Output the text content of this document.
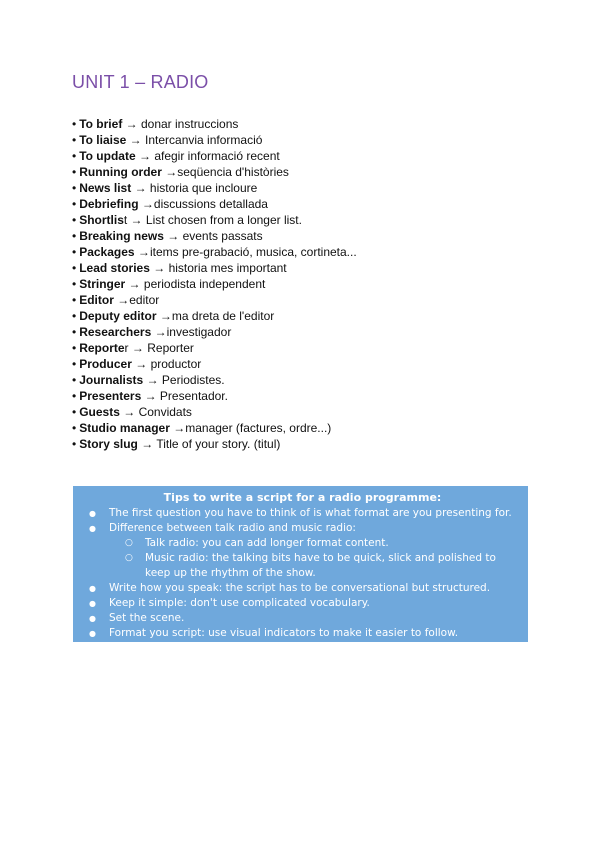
UNIT 1 – RADIO
• To brief → donar instruccions
• To liaise → Intercanvia informació
• To update → afegir informació recent
• Running order →seqüencia d'històries
• News list → historia que incloure
• Debriefing →discussions detallada
• Shortlist → List chosen from a longer list.
• Breaking news → events passats
• Packages →items pre-grabació, musica, cortineta...
• Lead stories → historia mes important
• Stringer → periodista independent
• Editor →editor
• Deputy editor →ma dreta de l'editor
• Researchers →investigador
• Reporter → Reporter
• Producer → productor
• Journalists → Periodistes.
• Presenters → Presentador.
• Guests → Convidats
• Studio manager →manager (factures, ordre...)
• Story slug → Title of your story. (titul)
Tips to write a script for a radio programme:
● The first question you have to think of is what format are you presenting for.
● Difference between talk radio and music radio:
○ Talk radio: you can add longer format content.
○ Music radio: the talking bits have to be quick, slick and polished to keep up the rhythm of the show.
● Write how you speak: the script has to be conversational but structured.
● Keep it simple: don't use complicated vocabulary.
● Set the scene.
● Format you script: use visual indicators to make it easier to follow.
